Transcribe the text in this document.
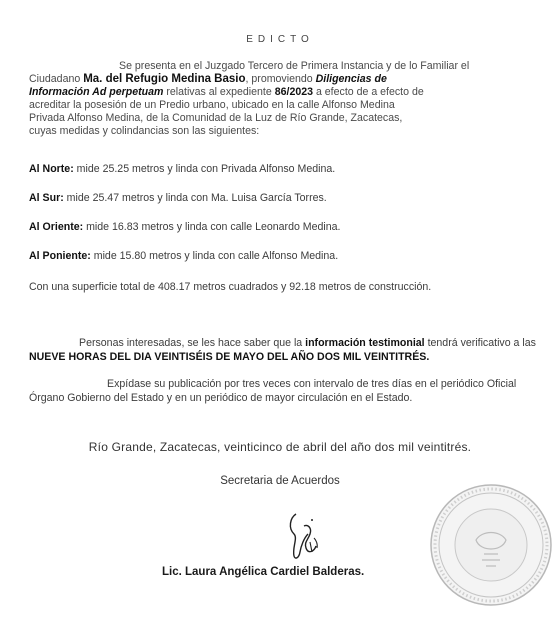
EDICTO

Se presenta en el Juzgado Tercero de Primera Instancia y de lo Familiar el

Ciudadano Ma. del Refugio Medina Basio, promoviendo Diligencias de

Información Ad perpetuam relativas al expediente 86/2023 a efecto de a efecto de

acreditar la posesión de un Predio urbano, ubicado en la calle Alfonso Medina

Privada Alfonso Medina, de la Comunidad de la Luz de Río Grande, Zacatecas,

cuyas medidas y colindancias son las siguientes:

Al Norte: mide 25.25 metros y linda con Privada Alfonso Medina.
Al Sur: mide 25.47 metros y linda con Ma. Luisa García Torres.
Al Oriente: mide 16.83 metros y linda con calle Leonardo Medina.
Al Poniente: mide 15.80 metros y linda con calle Alfonso Medina.
Con una superficie total de 408.17 metros cuadrados y 92.18 metros de construcción.
Personas interesadas, se les hace saber que la información testimonial tendrá verificativo a las NUEVE HORAS DEL DIA VEINTISÉIS DE MAYO DEL AÑO DOS MIL VEINTITRÉS.
Expídase su publicación por tres veces con intervalo de tres días en el periódico Oficial Órgano Gobierno del Estado y en un periódico de mayor circulación en el Estado.
Río Grande, Zacatecas, veinticinco de abril del año dos mil veintitrés.
Secretaria de Acuerdos
Lic. Laura Angélica Cardiel Balderas.
